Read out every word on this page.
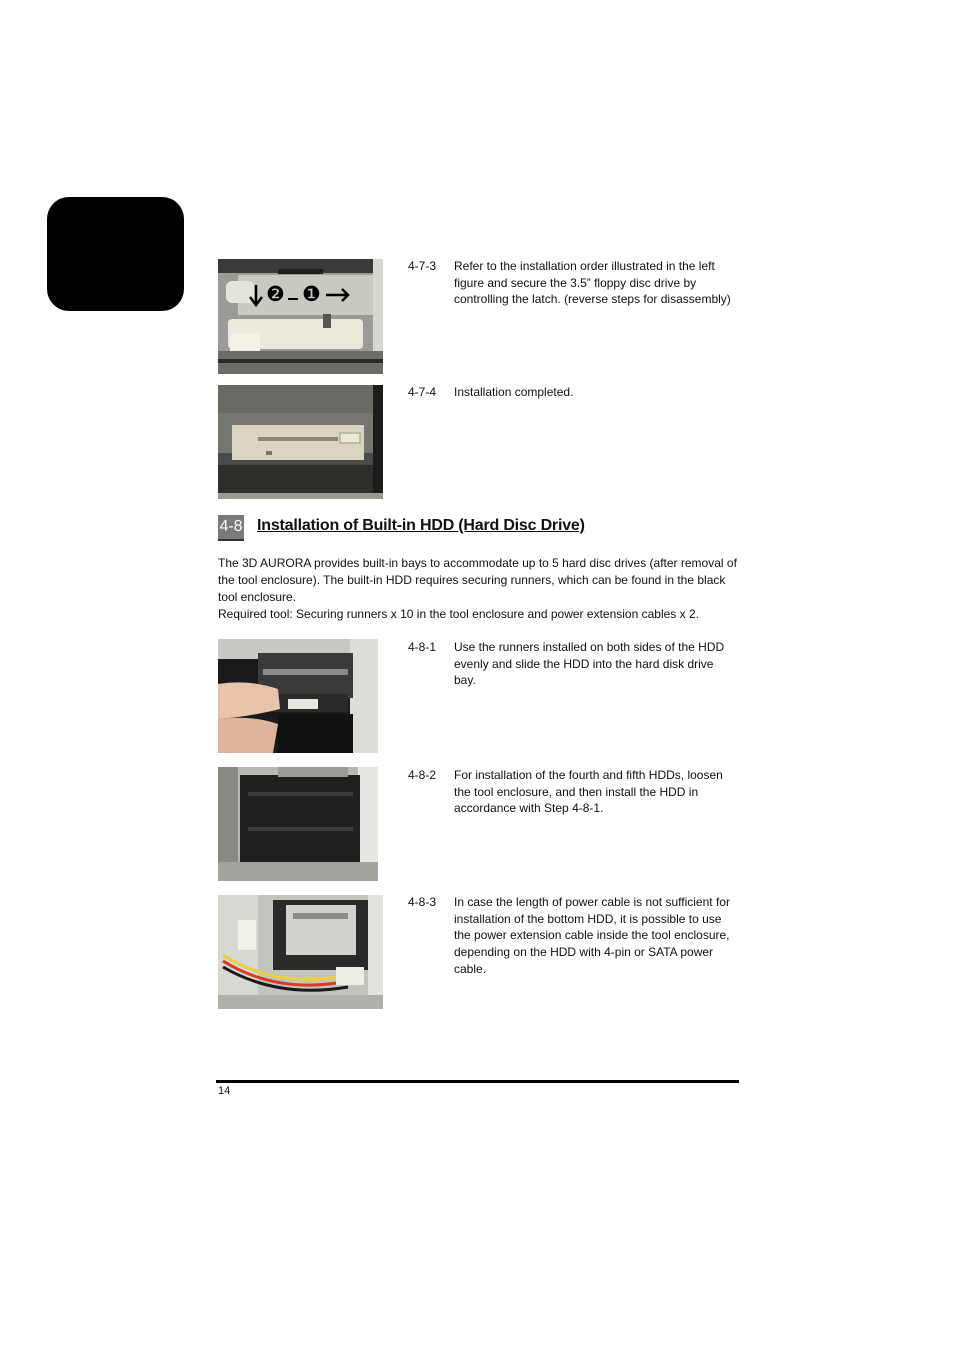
English
❷ ❶
4-7-3 Refer to the installation order illustrated in the left figure and secure the 3.5” floppy disc drive by controlling the latch. (reverse steps for disassembly)
4-7-4 Installation completed.
4-8 Installation of Built-in HDD (Hard Disc Drive)

The 3D AURORA provides built-in bays to accommodate up to 5 hard disc drives (after removal of the tool enclosure). The built-in HDD requires securing runners, which can be found in the black tool enclosure.

Required tool: Securing runners x 10 in the tool enclosure and power extension cables x 2.

4-8-1 Use the runners installed on both sides of the HDD evenly and slide the HDD into the hard disk drive bay.
4-8-2 For installation of the fourth and fifth HDDs, loosen the tool enclosure, and then install the HDD in accordance with Step 4-8-1.
4-8-3 In case the length of power cable is not sufficient for installation of the bottom HDD, it is possible to use the power extension cable inside the tool enclosure, depending on the HDD with 4-pin or SATA power cable.
14
